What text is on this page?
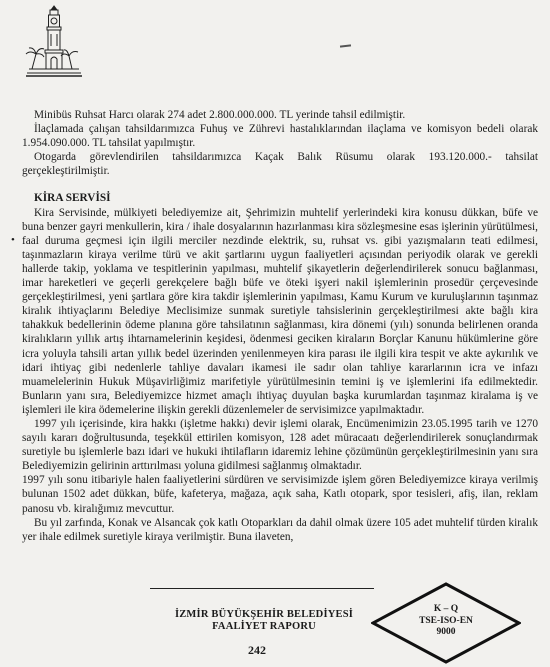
•

Minibüs Ruhsat Harcı olarak 274 adet 2.800.000.000. TL yerinde tahsil edilmiştir.

İlaçlamada çalışan tahsildarımızca Fuhuş ve Zührevi hastalıklarından ilaçlama ve komisyon bedeli olarak 1.954.090.000. TL tahsilat yapılmıştır.

Otogarda görevlendirilen tahsildarımızca Kaçak Balık Rüsumu olarak 193.120.000.- tahsilat gerçekleştirilmiştir.

KİRA SERVİSİ

Kira Servisinde, mülkiyeti belediyemize ait, Şehrimizin muhtelif yerlerindeki kira konusu dükkan, büfe ve buna benzer gayri menkullerin, kira / ihale dosyalarının hazırlanması kira sözleşmesine esas işlerinin yürütülmesi, faal duruma geçmesi için ilgili merciler nezdinde elektrik, su, ruhsat vs. gibi yazışmaların teati edilmesi, taşınmazların kiraya verilme türü ve akit şartlarını uygun faaliyetleri açısından periyodik olarak ve gerekli hallerde takip, yoklama ve tespitlerinin yapılması, muhtelif şikayetlerin değerlendirilerek sonucu bağlanması, imar hareketleri ve geçerli gerekçelere bağlı büfe ve öteki işyeri nakil işlemlerinin prosedür çerçevesinde gerçekleştirilmesi, yeni şartlara göre kira takdir işlemlerinin yapılması, Kamu Kurum ve kuruluşlarının taşınmaz kiralık ihtiyaçlarını Belediye Meclisimize sunmak suretiyle tahsislerinin gerçekleştirilmesi akte bağlı kira tahakkuk bedellerinin ödeme planına göre tahsilatının sağlanması, kira dönemi (yılı) sonunda belirlenen oranda kiralıkların yıllık artış ihtarnamelerinin keşidesi, ödenmesi geciken kiraların Borçlar Kanunu hükümlerine göre icra yoluyla tahsili artan yıllık bedel üzerinden yenilenmeyen kira parası ile ilgili kira tespit ve akte aykırılık ve idari ihtiyaç gibi nedenlerle tahliye davaları ikamesi ile sadır olan tahliye kararlarının icra ve infazı muamelelerinin Hukuk Müşavirliğimiz marifetiyle yürütülmesinin temini iş ve işlemlerini ifa edilmektedir. Bunların yanı sıra, Belediyemizce hizmet amaçlı ihtiyaç duyulan başka kurumlardan taşınmaz kiralama iş ve işlemleri ile kira ödemelerine ilişkin gerekli düzenlemeler de servisimizce yapılmaktadır.

1997 yılı içerisinde, kira hakkı (işletme hakkı) devir işlemi olarak, Encümenimizin 23.05.1995 tarih ve 1270 sayılı kararı doğrultusunda, teşekkül ettirilen komisyon, 128 adet müracaatı değerlendirilerek sonuçlandırmak suretiyle bu işlemlerle bazı idari ve hukuki ihtilafların idaremiz lehine çözümünün gerçekleştirilmesinin yanı sıra Belediyemizin gelirinin arttırılması yoluna gidilmesi sağlanmış olmaktadır.

1997 yılı sonu itibariyle halen faaliyetlerini sürdüren ve servisimizde işlem gören Belediyemizce kiraya verilmiş bulunan 1502 adet dükkan, büfe, kafeterya, mağaza, açık saha, Katlı otopark, spor tesisleri, afiş, ilan, reklam panosu vb. kiralığımız mevcuttur.

Bu yıl zarfında, Konak ve Alsancak çok katlı Otoparkları da dahil olmak üzere 105 adet muhtelif türden kiralık yer ihale edilmek suretiyle kiraya verilmiştir. Buna ilaveten,

İZMİR BÜYÜKŞEHİR BELEDİYESİ
FAALİYET RAPORU
242
K – Q
TSE-ISO-EN
9000
